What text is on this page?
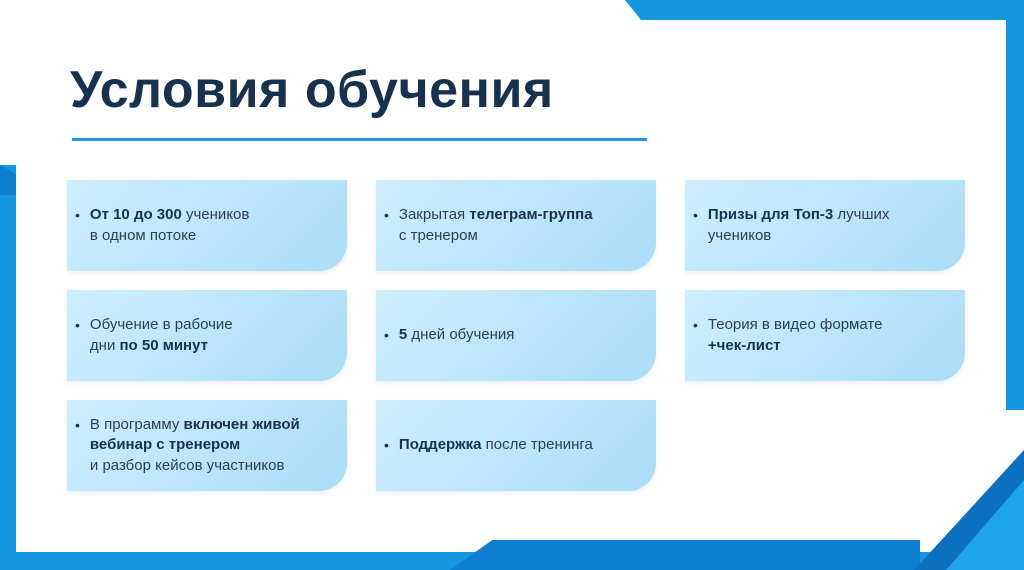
Условия обучения
• От 10 до 300 учеников
в одном потоке
• Закрытая телеграм-группа
с тренером
• Призы для Топ-3 лучших
учеников
• Обучение в рабочие
дни по 50 минут
• 5 дней обучения
• Теория в видео формате
+чек-лист
• В программу включен живой
вебинар с тренером
и разбор кейсов участников
• Поддержка после тренинга
